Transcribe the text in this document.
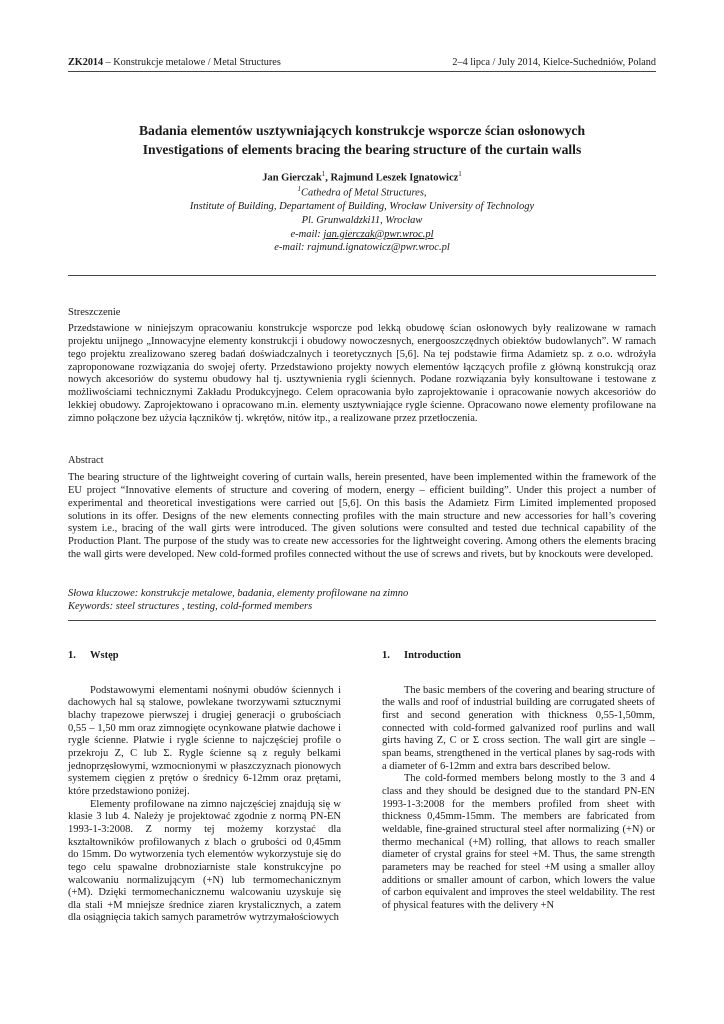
ZK2014 – Konstrukcje metalowe / Metal Structures	2–4 lipca / July 2014, Kielce-Suchedniów, Poland
Badania elementów usztywniających konstrukcje wsporcze ścian osłonowych
Investigations of elements bracing the bearing structure of the curtain walls
Jan Gierczak$^1$, Rajmund Leszek Ignatowicz$^1$
$^1$Cathedra of Metal Structures,
Institute of Building, Departament of Building, Wrocław University of Technology
Pl. Grunwaldzki11, Wrocław
e-mail: jan.gierczak@pwr.wroc.pl
e-mail: rajmund.ignatowicz@pwr.wroc.pl
Streszczenie

Przedstawione w niniejszym opracowaniu konstrukcje wsporcze pod lekką obudowę ścian osłonowych były realizowane w ramach projektu unijnego „Innowacyjne elementy konstrukcji i obudowy nowoczesnych, energooszczędnych obiektów budowlanych”. W ramach tego projektu zrealizowano szereg badań doświadczalnych i teoretycznych [5,6]. Na tej podstawie firma Adamietz sp. z o.o. wdrożyła zaproponowane rozwiązania do swojej oferty. Przedstawiono projekty nowych elementów łączących profile z główną konstrukcją oraz nowych akcesoriów do systemu obudowy hal tj. usztywnienia rygli ściennych. Podane rozwiązania były konsultowane i testowane z możliwościami technicznymi Zakładu Produkcyjnego. Celem opracowania było zaprojektowanie i opracowanie nowych akcesoriów do lekkiej obudowy. Zaprojektowano i opracowano m.in. elementy usztywniające rygle ścienne. Opracowano nowe elementy profilowane na zimno połączone bez użycia łączników tj. wkrętów, nitów itp., a realizowane przez przetłoczenia.

Abstract

The bearing structure of the lightweight covering of curtain walls, herein presented, have been implemented within the framework of the EU project “Innovative elements of structure and covering of modern, energy – efficient building”. Under this project a number of experimental and theoretical investigations were carried out [5,6]. On this basis the Adamietz Firm Limited implemented proposed solutions in its offer. Designs of the new elements connecting profiles with the main structure and new accessories for hall’s covering system i.e., bracing of the wall girts were introduced. The given solutions were consulted and tested due technical capability of the Production Plant. The purpose of the study was to create new accessories for the lightweight covering. Among others the elements bracing the wall girts were developed. New cold-formed profiles connected without the use of screws and rivets, but by knockouts were developed.

Słowa kluczowe: konstrukcje metalowe, badania, elementy profilowane na zimno
Keywords: steel structures , testing, cold-formed members
1. Wstęp

Podstawowymi elementami nośnymi obudów ściennych i dachowych hal są stalowe, powlekane tworzywami sztucznymi blachy trapezowe pierwszej i drugiej generacji o grubościach 0,55 – 1,50 mm oraz zimnogięte ocynkowane płatwie dachowe i rygle ścienne. Płatwie i rygle ścienne to najczęściej profile o przekroju Z, C lub Σ. Rygle ścienne są z reguły belkami jednoprzęsłowymi, wzmocnionymi w płaszczyznach pionowych systemem cięgien z prętów o średnicy 6-12mm oraz prętami, które przedstawiono poniżej.

Elementy profilowane na zimno najczęściej znajdują się w klasie 3 lub 4. Należy je projektować zgodnie z normą PN-EN 1993-1-3:2008. Z normy tej możemy korzystać dla kształtowników profilowanych z blach o grubości od 0,45mm do 15mm. Do wytworzenia tych elementów wykorzystuje się do tego celu spawalne drobnoziarniste stale konstrukcyjne po walcowaniu normalizującym (+N) lub termomechanicznym (+M). Dzięki termomechanicznemu walcowaniu uzyskuje się dla stali +M mniejsze średnice ziaren krystalicznych, a zatem dla osiągnięcia takich samych parametrów wytrzymałościowych

1. Introduction

The basic members of the covering and bearing structure of the walls and roof of industrial building are corrugated sheets of first and second generation with thickness 0,55-1,50mm, connected with cold-formed galvanized roof purlins and wall girts having Z, C or Σ cross section. The wall girt are single – span beams, strengthened in the vertical planes by sag-rods with a diameter of 6-12mm and extra bars described below.

The cold-formed members belong mostly to the 3 and 4 class and they should be designed due to the standard PN-EN 1993-1-3:2008 for the members profiled from sheet with thickness 0,45mm-15mm. The members are fabricated from weldable, fine-grained structural steel after normalizing (+N) or thermo mechanical (+M) rolling, that allows to reach smaller diameter of crystal grains for steel +M. Thus, the same strength parameters may be reached for steel +M using a smaller alloy additions or smaller amount of carbon, which lowers the value of carbon equivalent and improves the steel weldability. The rest of physical features with the delivery +N
